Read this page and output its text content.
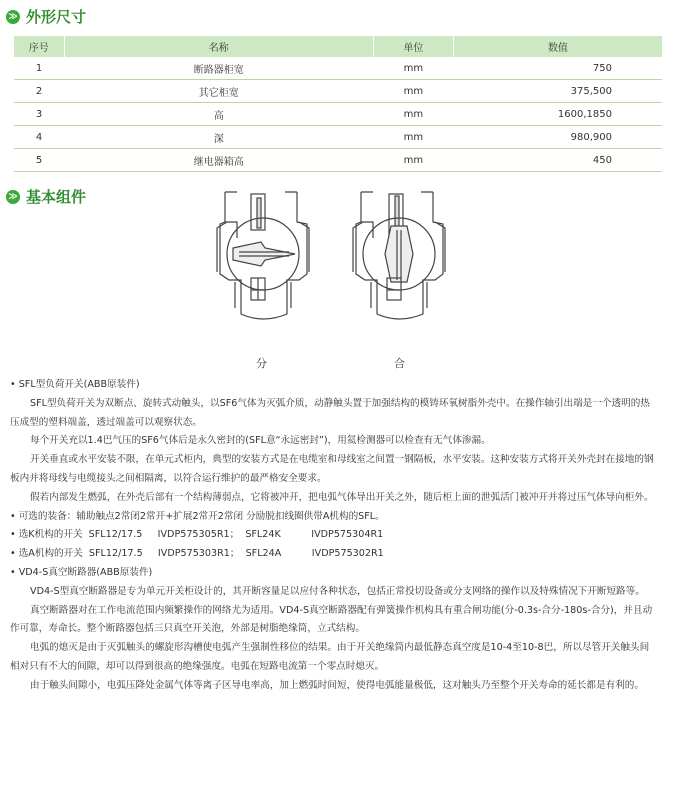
≫ 外形尺寸
序号	名称	单位	数值
1	断路器柜宽	mm	750
2	其它柜宽	mm	375,500
3	高	mm	1600,1850
4	深	mm	980,900
5	继电器箱高	mm	450
≫ 基本组件
分	合

• SFL型负荷开关(ABB原装件)

SFL型负荷开关为双断点、旋转式动触头，以SF6气体为灭弧介质，动静触头置于加强结构的模铸环氧树脂外壳中。在操作轴引出端是一个透明的热压成型的塑料端盖，透过端盖可以观察状态。

每个开关充以1.4巴气压的SF6气体后是永久密封的(SFL意“永远密封”)，用氦检测器可以检查有无气体渗漏。

开关垂直或水平安装不限，在单元式柜内，典型的安装方式是在电缆室和母线室之间置一钢隔板，水平安装。这种安装方式将开关外壳封在接地的钢板内并将母线与电缆接头之间相隔离，以符合运行维护的最严格安全要求。

假若内部发生燃弧，在外壳后部有一个结构薄弱点，它将被冲开，把电弧气体导出开关之外，随后柜上面的泄弧活门被冲开并将过压气体导向柜外。

• 可选的装备：辅助触点2常闭2常开+扩展2常开2常闭 分励脱扣线圈供带A机构的SFL。

• 选K机构的开关  SFL12/17.5     IVDP575305R1；  SFL24K          IVDP575304R1

• 选A机构的开关  SFL12/17.5     IVDP575303R1；  SFL24A          IVDP575302R1

• VD4-S真空断路器(ABB原装件)

VD4-S型真空断路器是专为单元开关柜设计的，其开断容量足以应付各种状态，包括正常投切设备或分支网络的操作以及特殊情况下开断短路等。

真空断路器对在工作电流范围内频繁操作的网络尤为适用。VD4-S真空断路器配有弹簧操作机构具有重合闸功能(分-0.3s-合分-180s-合分)，并且动作可靠，寿命长。整个断路器包括三只真空开关泡，外部是树脂绝缘筒，立式结构。

电弧的熄灭是由于灭弧触头的螺旋形沟槽使电弧产生强制性移位的结果。由于开关绝缘筒内最低静态真空度是10-4至10-8巴，所以尽管开关触头间相对只有不大的间隙，却可以得到很高的绝缘强度。电弧在短路电流第一个零点时熄灭。

由于触头间隙小，电弧压降处金属气体等离子区导电率高，加上燃弧时间短，使得电弧能量极低，这对触头乃至整个开关寿命的延长都是有利的。
